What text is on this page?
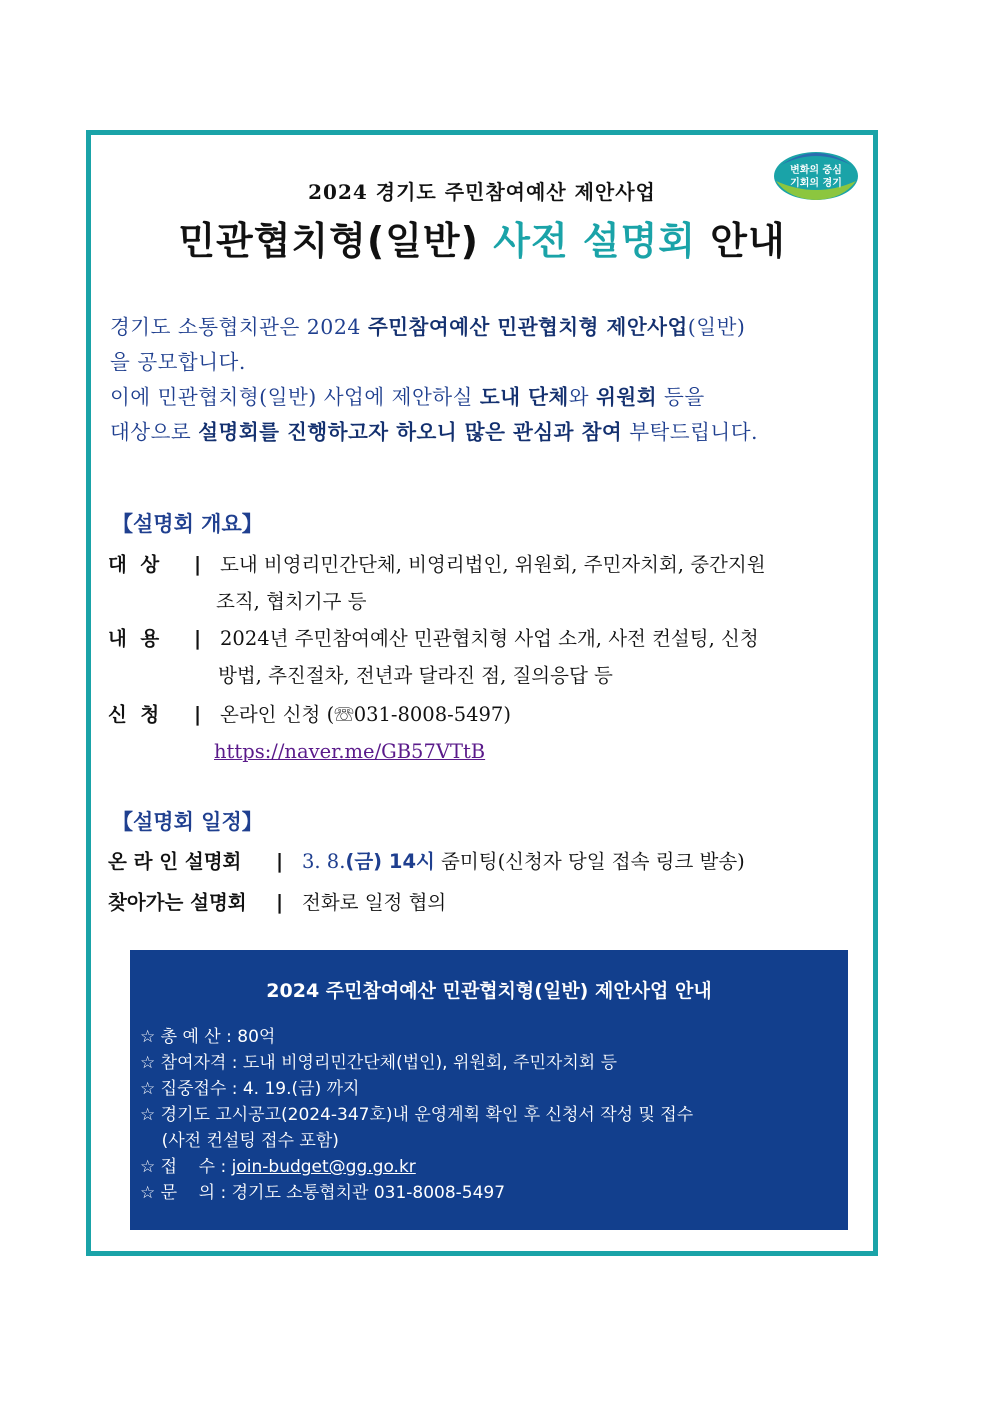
변화의 중심
기회의 경기
2024 경기도 주민참여예산 제안사업
민관협치형(일반) 사전 설명회 안내
경기도 소통협치관은 2024 주민참여예산 민관협치형 제안사업(일반)
을 공모합니다.
이에 민관협치형(일반) 사업에 제안하실 도내 단체와 위원회 등을
대상으로 설명회를 진행하고자 하오니 많은 관심과 참여 부탁드립니다.
【설명회 개요】
대  상 | 도내 비영리민간단체, 비영리법인, 위원회, 주민자치회, 중간지원
조직, 협치기구 등
내  용 | 2024년 주민참여예산 민관협치형 사업 소개, 사전 컨설팅, 신청
방법, 추진절차, 전년과 달라진 점, 질의응답 등
신  청 | 온라인 신청 (☏031-8008-5497)
https://naver.me/GB57VTtB
【설명회 일정】
온 라 인 설명회 | 3. 8.(금) 14시 줌미팅(신청자 당일 접속 링크 발송)
찾아가는 설명회 | 전화로 일정 협의
2024 주민참여예산 민관협치형(일반) 제안사업 안내
☆ 총 예 산 : 80억
☆ 참여자격 : 도내 비영리민간단체(법인), 위원회, 주민자치회 등
☆ 집중접수 : 4. 19.(금) 까지
☆ 경기도 고시공고(2024-347호)내 운영계획 확인 후 신청서 작성 및 접수
(사전 컨설팅 접수 포함)
☆ 접    수 : join-budget@gg.go.kr
☆ 문    의 : 경기도 소통협치관 031-8008-5497
